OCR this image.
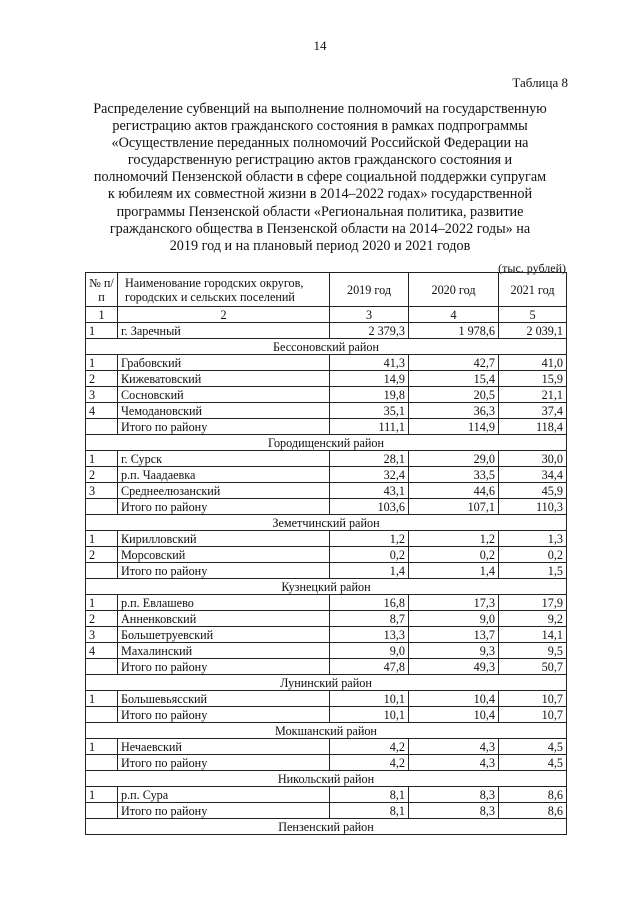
14
Таблица 8
Распределение субвенций на выполнение полномочий на государственную
регистрацию актов гражданского состояния в рамках подпрограммы
«Осуществление переданных полномочий Российской Федерации на
государственную регистрацию актов гражданского состояния и
полномочий Пензенской области в сфере социальной поддержки супругам
к юбилеям их совместной жизни в 2014–2022 годах» государственной
программы Пензенской области «Региональная политика, развитие
гражданского общества в Пензенской области на 2014–2022 годы» на
2019 год и на плановый период 2020 и 2021 годов
(тыс. рублей)
№ п/п	Наименование городских округов, городских и сельских поселений	2019 год	2020 год	2021 год
1	2	3	4	5
1	г. Заречный	2 379,3	1 978,6	2 039,1
Бессоновский район				
1	Грабовский	41,3	42,7	41,0
2	Кижеватовский	14,9	15,4	15,9
3	Сосновский	19,8	20,5	21,1
4	Чемодановский	35,1	36,3	37,4
	Итого по району	111,1	114,9	118,4
Городищенский район				
1	г. Сурск	28,1	29,0	30,0
2	р.п. Чаадаевка	32,4	33,5	34,4
3	Среднеелюзанский	43,1	44,6	45,9
	Итого по району	103,6	107,1	110,3
Земетчинский район				
1	Кирилловский	1,2	1,2	1,3
2	Морсовский	0,2	0,2	0,2
	Итого по району	1,4	1,4	1,5
Кузнецкий район				
1	р.п. Евлашево	16,8	17,3	17,9
2	Анненковский	8,7	9,0	9,2
3	Большетруевский	13,3	13,7	14,1
4	Махалинский	9,0	9,3	9,5
	Итого по району	47,8	49,3	50,7
Лунинский район				
1	Большевьясский	10,1	10,4	10,7
	Итого по району	10,1	10,4	10,7
Мокшанский район				
1	Нечаевский	4,2	4,3	4,5
	Итого по району	4,2	4,3	4,5
Никольский район				
1	р.п. Сура	8,1	8,3	8,6
	Итого по району	8,1	8,3	8,6
Пензенский район				
